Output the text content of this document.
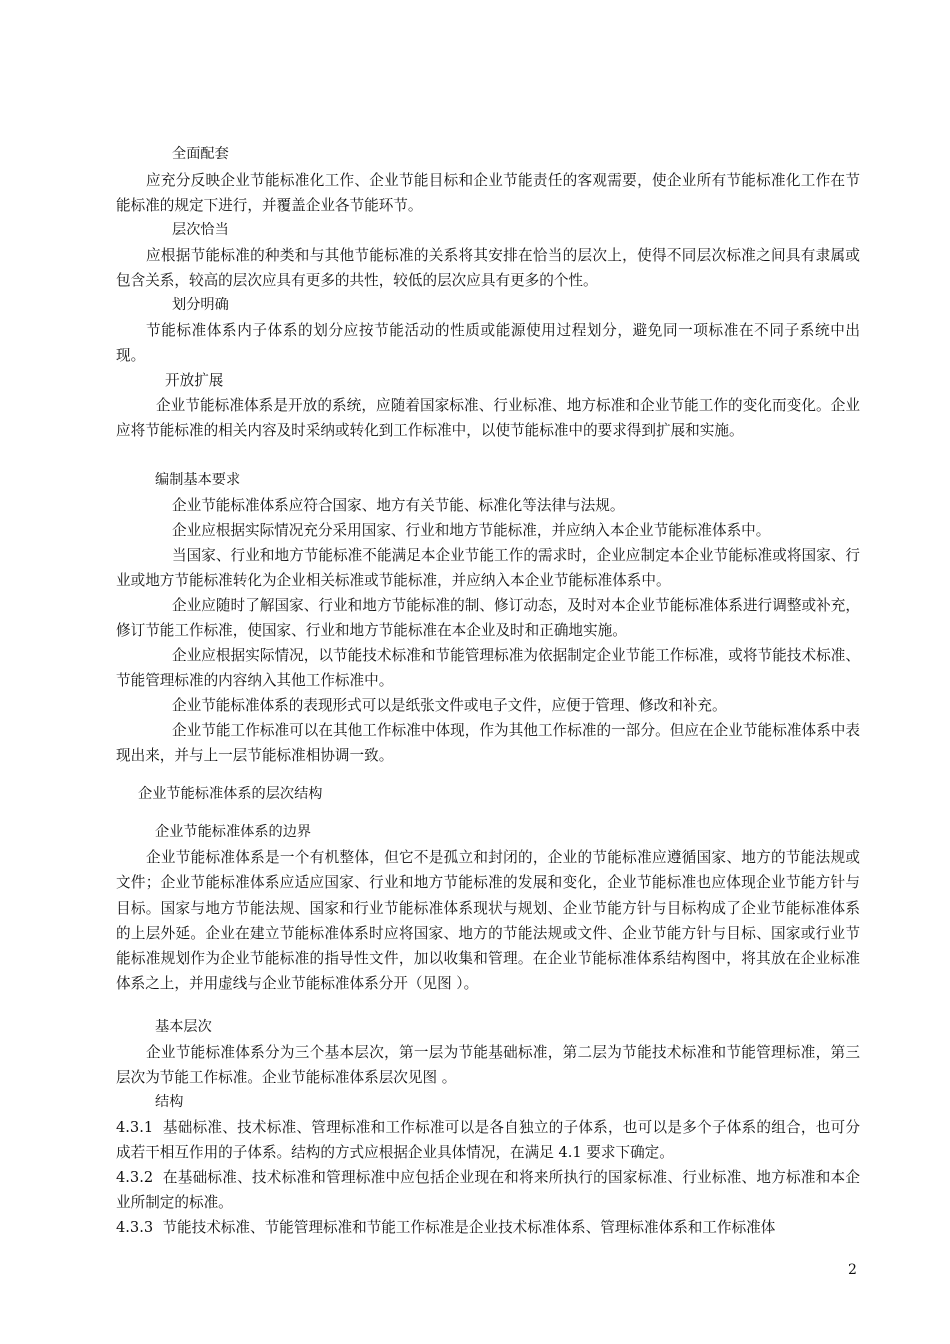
全面配套
应充分反映企业节能标准化工作、企业节能目标和企业节能责任的客观需要，使企业所有节能标准化工作在节能标准的规定下进行，并覆盖企业各节能环节。
层次恰当
应根据节能标准的种类和与其他节能标准的关系将其安排在恰当的层次上，使得不同层次标准之间具有隶属或包含关系，较高的层次应具有更多的共性，较低的层次应具有更多的个性。
划分明确
节能标准体系内子体系的划分应按节能活动的性质或能源使用过程划分，避免同一项标准在不同子系统中出现。
开放扩展
企业节能标准体系是开放的系统，应随着国家标准、行业标准、地方标准和企业节能工作的变化而变化。企业应将节能标准的相关内容及时采纳或转化到工作标准中，以使节能标准中的要求得到扩展和实施。
编制基本要求
企业节能标准体系应符合国家、地方有关节能、标准化等法律与法规。
企业应根据实际情况充分采用国家、行业和地方节能标准，并应纳入本企业节能标准体系中。
当国家、行业和地方节能标准不能满足本企业节能工作的需求时，企业应制定本企业节能标准或将国家、行业或地方节能标准转化为企业相关标准或节能标准，并应纳入本企业节能标准体系中。
企业应随时了解国家、行业和地方节能标准的制、修订动态，及时对本企业节能标准体系进行调整或补充，修订节能工作标准，使国家、行业和地方节能标准在本企业及时和正确地实施。
企业应根据实际情况，以节能技术标准和节能管理标准为依据制定企业节能工作标准，或将节能技术标准、节能管理标准的内容纳入其他工作标准中。
企业节能标准体系的表现形式可以是纸张文件或电子文件，应便于管理、修改和补充。
企业节能工作标准可以在其他工作标准中体现，作为其他工作标准的一部分。但应在企业节能标准体系中表现出来，并与上一层节能标准相协调一致。
企业节能标准体系的层次结构
企业节能标准体系的边界
企业节能标准体系是一个有机整体，但它不是孤立和封闭的，企业的节能标准应遵循国家、地方的节能法规或文件；企业节能标准体系应适应国家、行业和地方节能标准的发展和变化，企业节能标准也应体现企业节能方针与目标。国家与地方节能法规、国家和行业节能标准体系现状与规划、企业节能方针与目标构成了企业节能标准体系的上层外延。企业在建立节能标准体系时应将国家、地方的节能法规或文件、企业节能方针与目标、国家或行业节能标准规划作为企业节能标准的指导性文件，加以收集和管理。在企业节能标准体系结构图中，将其放在企业标准体系之上，并用虚线与企业节能标准体系分开（见图 ）。
基本层次
企业节能标准体系分为三个基本层次，第一层为节能基础标准，第二层为节能技术标准和节能管理标准，第三层次为节能工作标准。企业节能标准体系层次见图 。
结构
4.3.1 基础标准、技术标准、管理标准和工作标准可以是各自独立的子体系，也可以是多个子体系的组合，也可分成若干相互作用的子体系。结构的方式应根据企业具体情况，在满足 4.1 要求下确定。
4.3.2 在基础标准、技术标准和管理标准中应包括企业现在和将来所执行的国家标准、行业标准、地方标准和本企业所制定的标准。
4.3.3 节能技术标准、节能管理标准和节能工作标准是企业技术标准体系、管理标准体系和工作标准体
2
